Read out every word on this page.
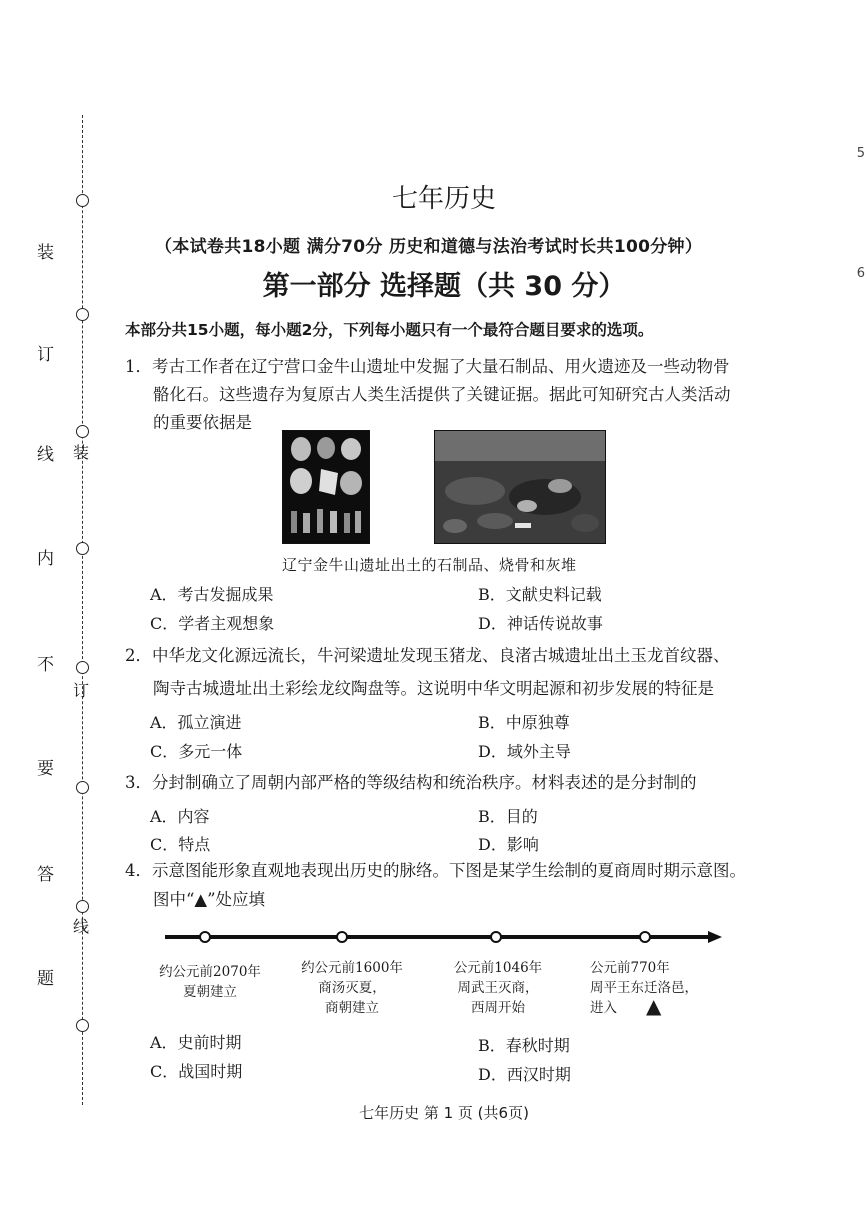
5
6
装
订
线
内
不
要
答
题
装
订
线
七年历史
（本试卷共18小题 满分70分 历史和道德与法治考试时长共100分钟）
第一部分 选择题（共 30 分）
本部分共15小题，每小题2分，下列每小题只有一个最符合题目要求的选项。
1．考古工作者在辽宁营口金牛山遗址中发掘了大量石制品、用火遗迹及一些动物骨
骼化石。这些遗存为复原古人类生活提供了关键证据。据此可知研究古人类活动
的重要依据是
辽宁金牛山遗址出土的石制品、烧骨和灰堆
A．考古发掘成果	B．文献史料记载
C．学者主观想象	D．神话传说故事
2．中华龙文化源远流长，牛河梁遗址发现玉猪龙、良渚古城遗址出土玉龙首纹器、
陶寺古城遗址出土彩绘龙纹陶盘等。这说明中华文明起源和初步发展的特征是
A．孤立演进	B．中原独尊
C．多元一体	D．域外主导
3．分封制确立了周朝内部严格的等级结构和统治秩序。材料表述的是分封制的
A．内容	B．目的
C．特点	D．影响
4．示意图能形象直观地表现出历史的脉络。下图是某学生绘制的夏商周时期示意图。
图中“▲”处应填
约公元前2070年
夏朝建立
约公元前1600年
商汤灭夏，
商朝建立
公元前1046年
周武王灭商，
西周开始
公元前770年
周平王东迁洛邑，
进入	▲
A．史前时期	B．春秋时期
C．战国时期	D．西汉时期
七年历史 第 1 页 (共6页)
